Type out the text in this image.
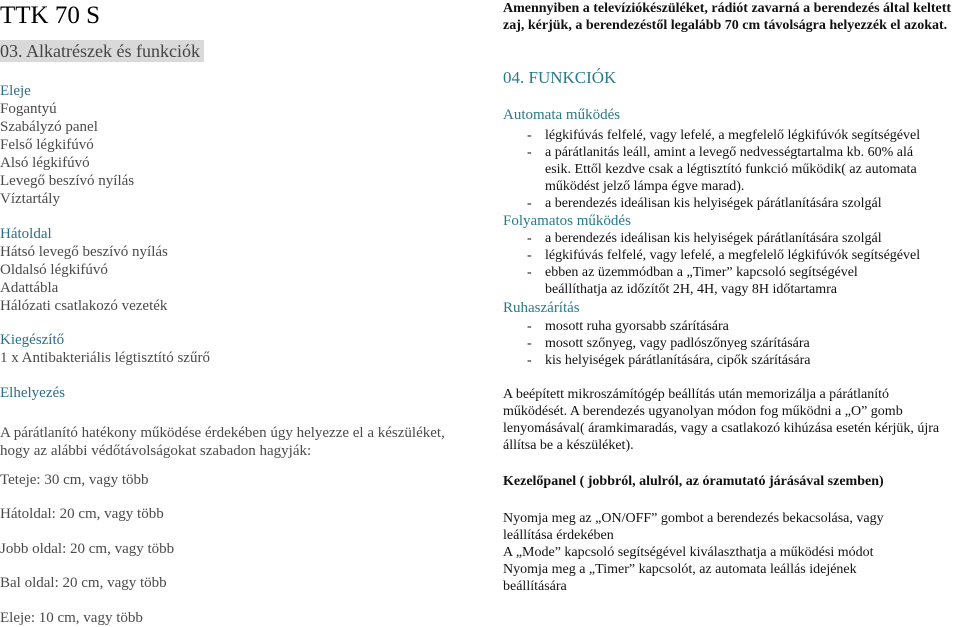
TTK 70 S
03. Alkatrészek és funkciók
Eleje
Fogantyú
Szabályzó panel
Felső légkifúvó
Alsó légkifúvó
Levegő beszívó nyílás
Víztartály
Hátoldal
Hátsó levegő beszívó nyílás
Oldalsó légkifúvó
Adattábla
Hálózati csatlakozó vezeték
Kiegészítő
1 x Antibakteriális légtisztító szűrő
Elhelyezés
A párátlanító hatékony működése érdekében úgy helyezze el a készüléket, hogy az alábbi védőtávolságokat szabadon hagyják:
Teteje: 30 cm, vagy több
Hátoldal: 20 cm, vagy több
Jobb oldal: 20 cm, vagy több
Bal oldal: 20 cm, vagy több
Eleje: 10 cm, vagy több
Amennyiben a televíziókészüléket, rádiót zavarná a berendezés által keltett zaj, kérjük, a berendezéstől legalább 70 cm távolságra helyezzék el azokat.
04. FUNKCIÓK
Automata működés
- légkifúvás felfelé, vagy lefelé, a megfelelő légkifúvók segítségével
- a párátlanitás leáll, amint a levegő nedvességtartalma kb. 60% alá
esik. Ettől kezdve csak a légtisztító funkció működik( az automata
működést jelző lámpa égve marad).
- a berendezés ideálisan kis helyiségek párátlanítására szolgál
Folyamatos működés
- a berendezés ideálisan kis helyiségek párátlanítására szolgál
- légkifúvás felfelé, vagy lefelé, a megfelelő légkifúvók segítségével
- ebben az üzemmódban a „Timer” kapcsoló segítségével
beállíthatja az időzítőt 2H, 4H, vagy 8H időtartamra
Ruhaszárítás
- mosott ruha gyorsabb szárítására
- mosott szőnyeg, vagy padlószőnyeg szárítására
- kis helyiségek párátlanítására, cipők szárítására
A beépített mikroszámítógép beállítás után memorizálja a párátlanító működését. A berendezés ugyanolyan módon fog működni a „O” gomb lenyomásával( áramkimaradás, vagy a csatlakozó kihúzása esetén kérjük, újra állítsa be a készüléket).
Kezelőpanel ( jobbról, alulról, az óramutató járásával szemben)
Nyomja meg az „ON/OFF” gombot a berendezés bekacsolása, vagy leállítása érdekében
A „Mode” kapcsoló segítségével kiválaszthatja a működési módot
Nyomja meg a „Timer” kapcsolót, az automata leállás idejének beállítására
